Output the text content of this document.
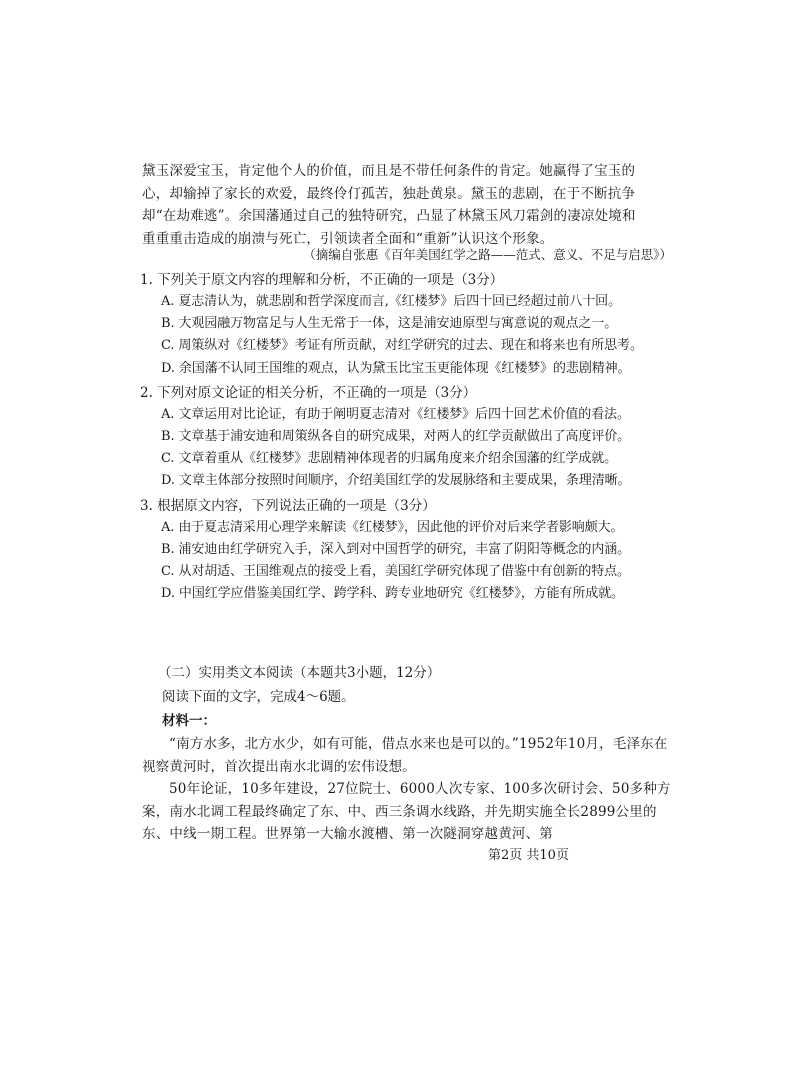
黛玉深爱宝玉，肯定他个人的价值，而且是不带任何条件的肯定。她赢得了宝玉的

心，却输掉了家长的欢爱，最终伶仃孤苦，独赴黄泉。黛玉的悲剧，在于不断抗争

却“在劫难逃”。余国藩通过自己的独特研究，凸显了林黛玉风刀霜剑的凄凉处境和

重重重击造成的崩溃与死亡，引领读者全面和“重新”认识这个形象。

（摘编自张惠《百年美国红学之路——范式、意义、不足与启思》）
1. 下列关于原文内容的理解和分析，不正确的一项是（3分）
A. 夏志清认为，就悲剧和哲学深度而言,《红楼梦》后四十回已经超过前八十回。
B. 大观园融万物富足与人生无常于一体，这是浦安迪原型与寓意说的观点之一。
C. 周策纵对《红楼梦》考证有所贡献，对红学研究的过去、现在和将来也有所思考。
D. 余国藩不认同王国维的观点，认为黛玉比宝玉更能体现《红楼梦》的悲剧精神。
2. 下列对原文论证的相关分析，不正确的一项是（3分）
A. 文章运用对比论证，有助于阐明夏志清对《红楼梦》后四十回艺术价值的看法。
B. 文章基于浦安迪和周策纵各自的研究成果，对两人的红学贡献做出了高度评价。
C. 文章着重从《红楼梦》悲剧精神体现者的归属角度来介绍余国藩的红学成就。
D. 文章主体部分按照时间顺序，介绍美国红学的发展脉络和主要成果，条理清晰。
3. 根据原文内容，下列说法正确的一项是（3分）
A. 由于夏志清采用心理学来解读《红楼梦》，因此他的评价对后来学者影响颇大。
B. 浦安迪由红学研究入手，深入到对中国哲学的研究，丰富了阴阳等概念的内涵。
C. 从对胡适、王国维观点的接受上看，美国红学研究体现了借鉴中有创新的特点。
D. 中国红学应借鉴美国红学、跨学科、跨专业地研究《红楼梦》，方能有所成就。
（二）实用类文本阅读（本题共3小题，12分）
阅读下面的文字，完成4～6题。
材料一：

“南方水多，北方水少，如有可能，借点水来也是可以的。”1952年10月，毛泽东在视察黄河时，首次提出南水北调的宏伟设想。

50年论证，10多年建设，27位院士、6000人次专家、100多次研讨会、50多种方案，南水北调工程最终确定了东、中、西三条调水线路，并先期实施全长2899公里的东、中线一期工程。世界第一大输水渡槽、第一次隧洞穿越黄河、第

第2页 共10页
